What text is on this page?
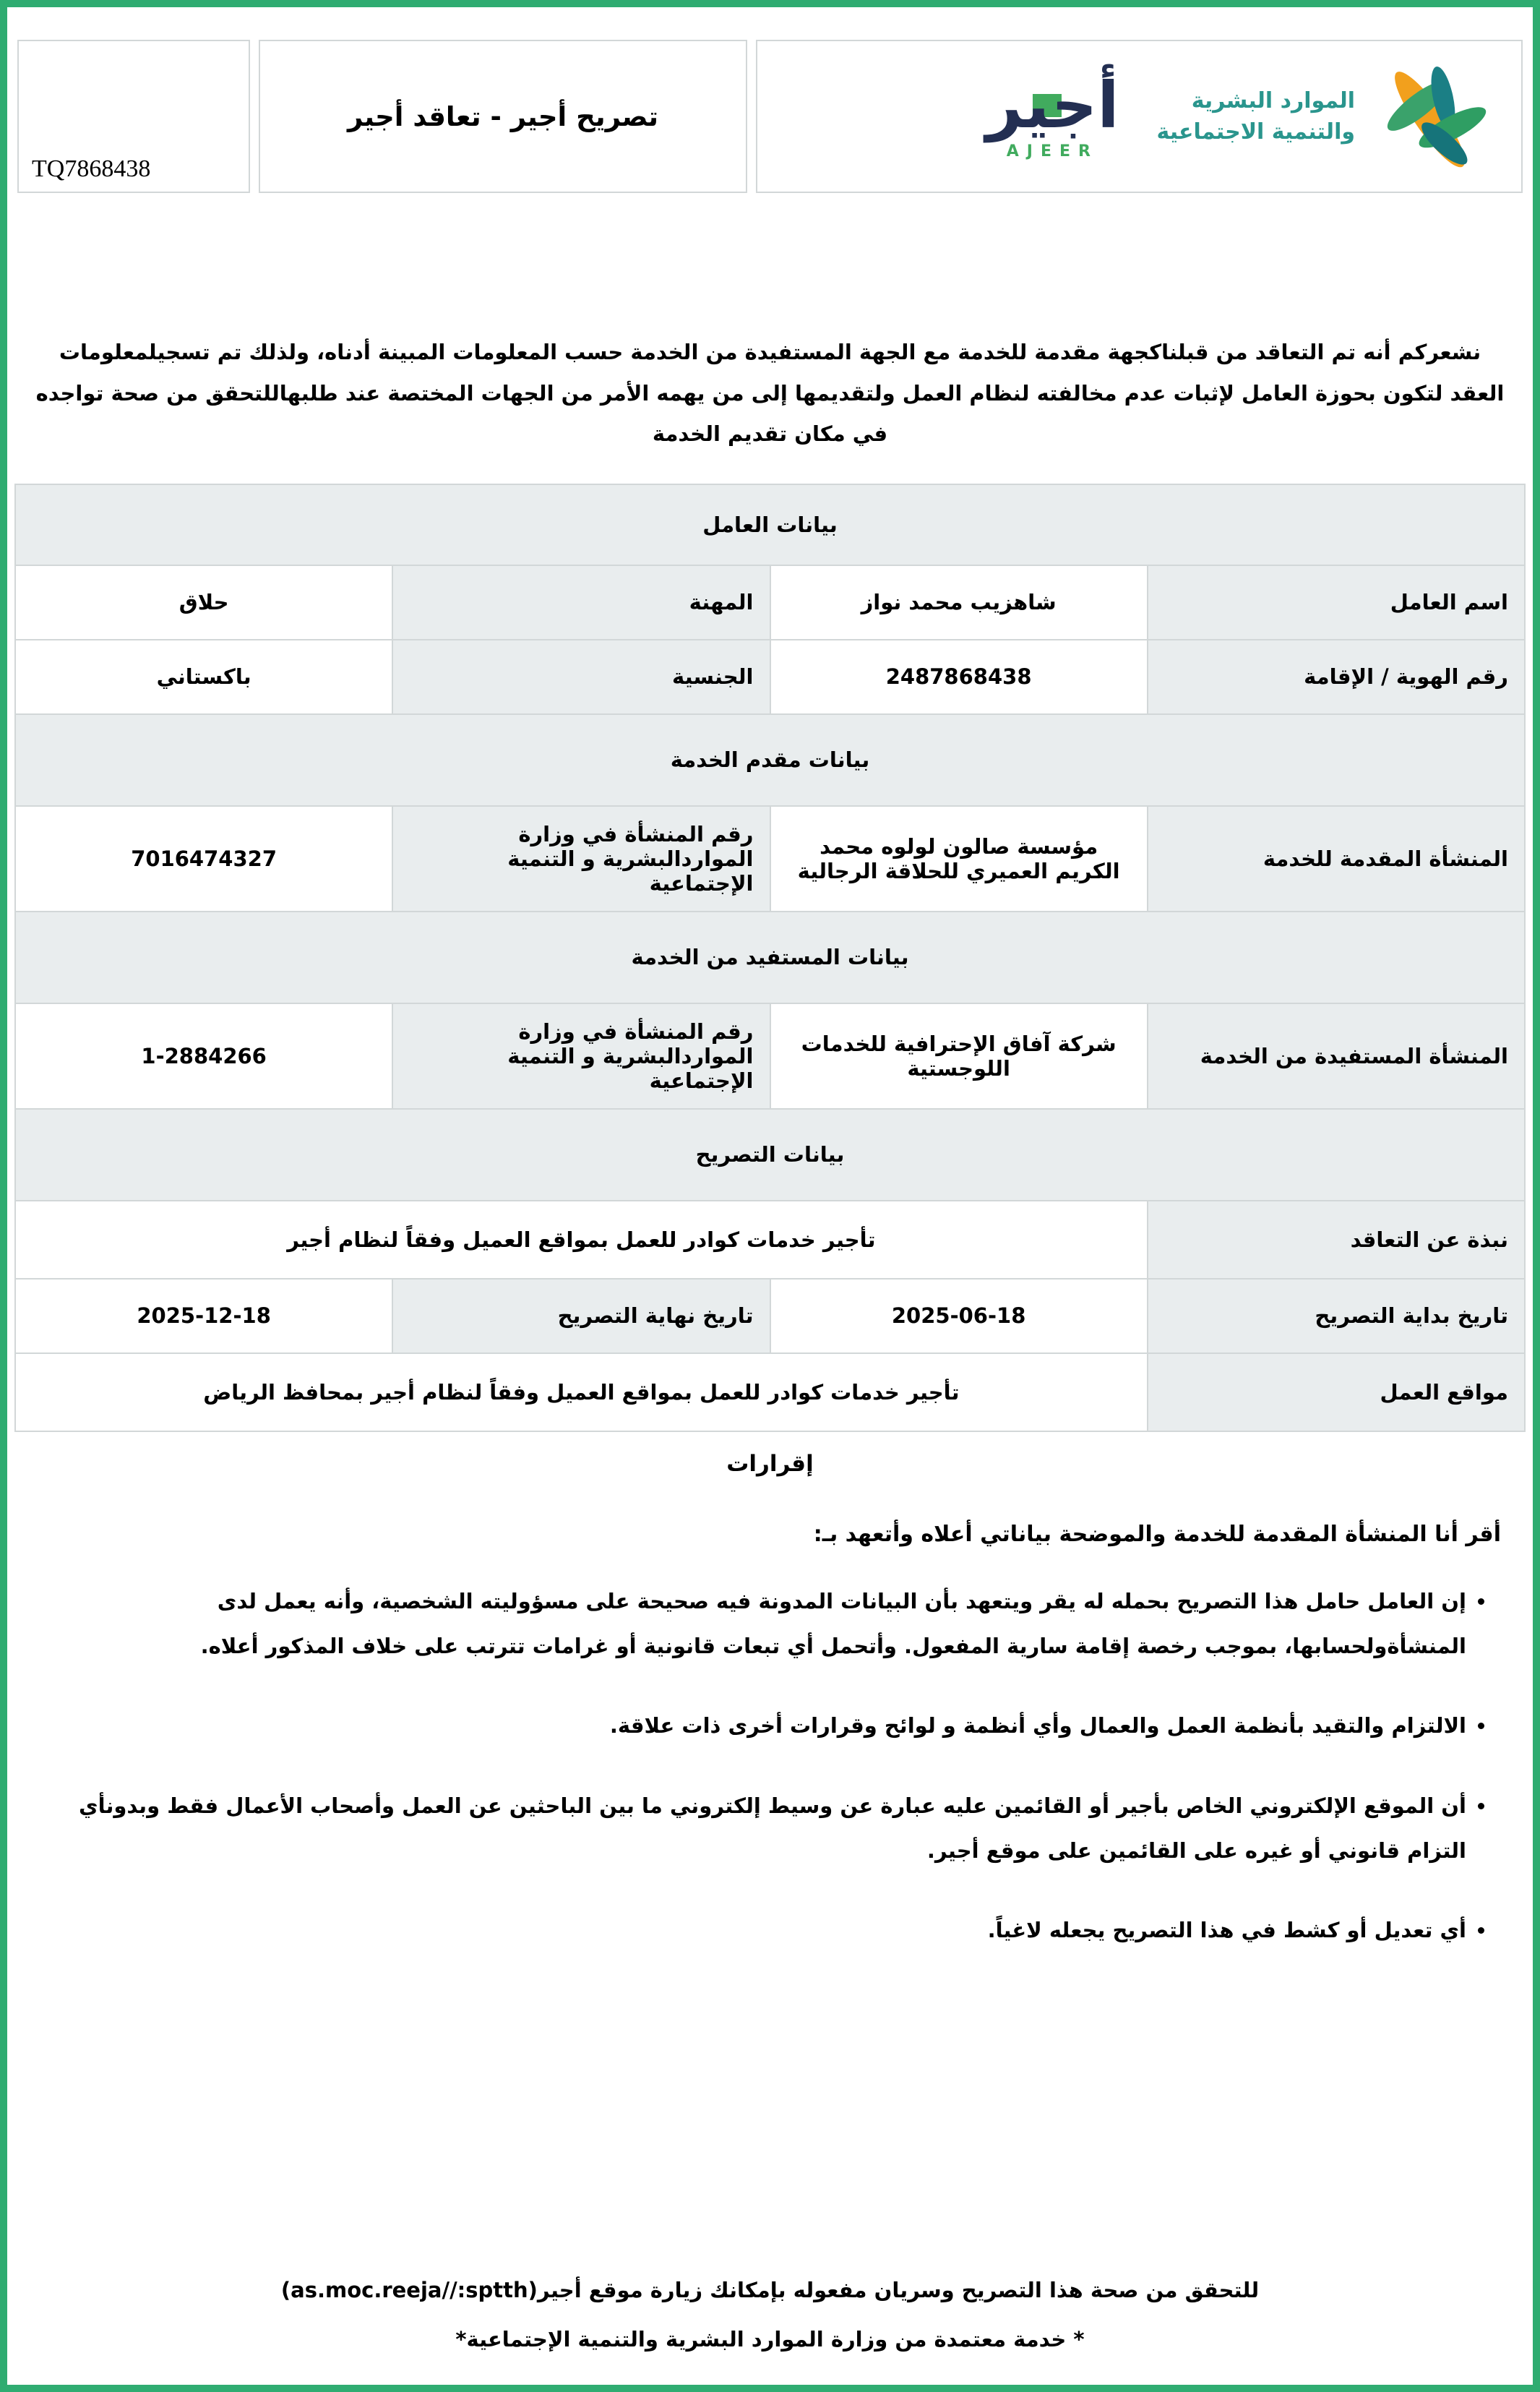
TQ7868438
تصريح أجير - تعاقد أجير	أجير
AJEER
الموارد البشرية
والتنمية الاجتماعية
نشعركم أنه تم التعاقد من قبلناكجهة مقدمة للخدمة مع الجهة المستفيدة من الخدمة حسب المعلومات المبينة أدناه، ولذلك تم تسجيلمعلومات العقد لتكون بحوزة العامل لإثبات عدم مخالفته لنظام العمل ولتقديمها إلى من يهمه الأمر من الجهات المختصة عند طلبهاللتحقق من صحة تواجده في مكان تقديم الخدمة
بيانات العامل			
اسم العامل	شاهزيب محمد نواز	المهنة	حلاق
رقم الهوية / الإقامة	2487868438	الجنسية	باكستاني
بيانات مقدم الخدمة			
المنشأة المقدمة للخدمة	مؤسسة صالون لولوه محمد الكريم العميري للحلاقة الرجالية	رقم المنشأة في وزارة المواردالبشرية و التنمية الإجتماعية	7016474327
بيانات المستفيد من الخدمة			
المنشأة المستفيدة من الخدمة	شركة آفاق الإحترافية للخدمات اللوجستية	رقم المنشأة في وزارة المواردالبشرية و التنمية الإجتماعية	1-2884266
بيانات التصريح			
نبذة عن التعاقد	تأجير خدمات كوادر للعمل بمواقع العميل وفقاً لنظام أجير		
تاريخ بداية التصريح	2025-06-18	تاريخ نهاية التصريح	2025-12-18
مواقع العمل	تأجير خدمات كوادر للعمل بمواقع العميل وفقاً لنظام أجير بمحافظ الرياض		
إقرارات
أقر أنا المنشأة المقدمة للخدمة والموضحة بياناتي أعلاه وأتعهد بـ:
• إن العامل حامل هذا التصريح بحمله له يقر ويتعهد بأن البيانات المدونة فيه صحيحة على مسؤوليته الشخصية، وأنه يعمل لدى المنشأةولحسابها، بموجب رخصة إقامة سارية المفعول. وأتحمل أي تبعات قانونية أو غرامات تترتب على خلاف المذكور أعلاه.
• الالتزام والتقيد بأنظمة العمل والعمال وأي أنظمة و لوائح وقرارات أخرى ذات علاقة.
• أن الموقع الإلكتروني الخاص بأجير أو القائمين عليه عبارة عن وسيط إلكتروني ما بين الباحثين عن العمل وأصحاب الأعمال فقط وبدونأي التزام قانوني أو غيره على القائمين على موقع أجير.
• أي تعديل أو كشط في هذا التصريح يجعله لاغياً.
للتحقق من صحة هذا التصريح وسريان مفعوله بإمكانك زيارة موقع أجير(as.moc.reeja//:sptth)
* خدمة معتمدة من وزارة الموارد البشرية والتنمية الإجتماعية*
